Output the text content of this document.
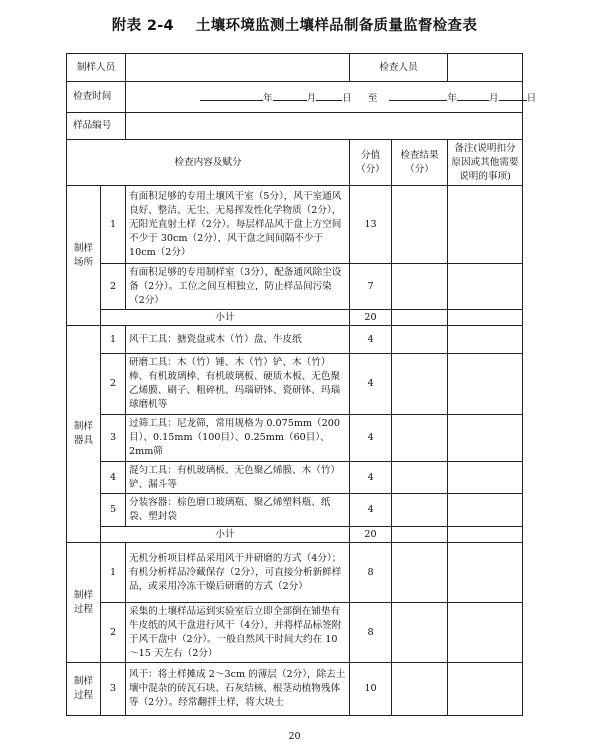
附表 2-4 土壤环境监测土壤样品制备质量监督检查表
制样人员			检查人员		
检查时间		年 月 日 至 年 月 日			
样品编号					
检查内容及赋分			分值（分）	检查结果（分）	备注(说明扣分原因或其他需要说明的事项)
制样场所	1	有面积足够的专用土壤风干室（5分），风干室通风良好、整洁、无尘、无易挥发性化学物质（2分），无阳光直射土样（2分）。每层样品风干盘上方空间不少于 30cm（2分），风干盘之间间隔不少于 10cm（2分）	13		
	2	有面积足够的专用制样室（3分），配备通风除尘设备（2分）。工位之间互相独立，防止样品间污染（2分）	7		
	小计		20		
制样器具	1	风干工具：搪瓷盘或木（竹）盘、牛皮纸	4		
	2	研磨工具：木（竹）锤、木（竹）铲、木（竹）棒、有机玻璃棒、有机玻璃板、硬质木板、无色聚乙烯膜、刷子、粗碎机、玛瑙研钵、瓷研钵、玛瑙球磨机等	4		
	3	过筛工具：尼龙筛，常用规格为 0.075mm（200目）、0.15mm（100目）、0.25mm（60目）、2mm筛	4		
	4	混匀工具：有机玻璃板、无色聚乙烯膜、木（竹）铲、漏斗等	4		
	5	分装容器：棕色磨口玻璃瓶、聚乙烯塑料瓶、纸袋、塑封袋	4		
	小计		20		
制样过程	1	无机分析项目样品采用风干并研磨的方式（4分）；有机分析样品冷藏保存（2分），可直接分析新鲜样品，或采用冷冻干燥后研磨的方式（2分）	8		
	2	采集的土壤样品运到实验室后立即全部倒在铺垫有牛皮纸的风干盘进行风干（4分），并将样品标签附于风干盘中（2分）。一般自然风干时间大约在 10～15 天左右（2分）	8		
制样过程	3	风干：将土样摊成 2～3cm 的薄层（2分），除去土壤中混杂的砖瓦石块、石灰结核、根茎动植物残体等（2分）。经常翻拌土样，将大块土	10		
20
